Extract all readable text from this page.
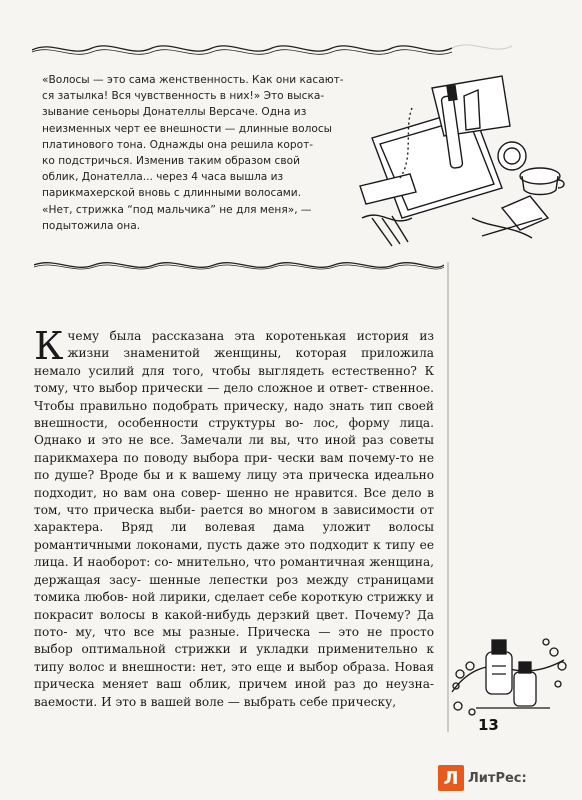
«Волосы — это сама женственность. Как они касают-

ся затылка! Вся чувственность в них!» Это выска-

зывание сеньоры Донателлы Версаче. Одна из

неизменных черт ее внешности — длинные волосы

платинового тона. Однажды она решила корот-

ко подстричься. Изменив таким образом свой

облик, Донателла... через 4 часа вышла из

парикмахерской вновь с длинными волосами.

«Нет, стрижка “под мальчика” не для меня», —

подытожила она.

К чему была рассказана эта коротенькая история из жизни знаменитой женщины, которая приложила немало усилий для того, чтобы выглядеть естественно? К тому, что выбор прически — дело сложное и ответ- ственное. Чтобы правильно подобрать прическу, надо знать тип своей внешности, особенности структуры во- лос, форму лица. Однако и это не все. Замечали ли вы, что иной раз советы парикмахера по поводу выбора при- чески вам почему-то не по душе? Вроде бы и к вашему лицу эта прическа идеально подходит, но вам она совер- шенно не нравится. Все дело в том, что прическа выби- рается во многом в зависимости от характера. Вряд ли волевая дама уложит волосы романтичными локонами, пусть даже это подходит к типу ее лица. И наоборот: со- мнительно, что романтичная женщина, держащая засу- шенные лепестки роз между страницами томика любов- ной лирики, сделает себе короткую стрижку и покрасит волосы в какой-нибудь дерзкий цвет. Почему? Да пото- му, что все мы разные. Прическа — это не просто выбор оптимальной стрижки и укладки применительно к типу волос и внешности: нет, это еще и выбор образа. Новая прическа меняет ваш облик, причем иной раз до неузна- ваемости. И это в вашей воле — выбрать себе прическу,
13
Л ЛитРес:
